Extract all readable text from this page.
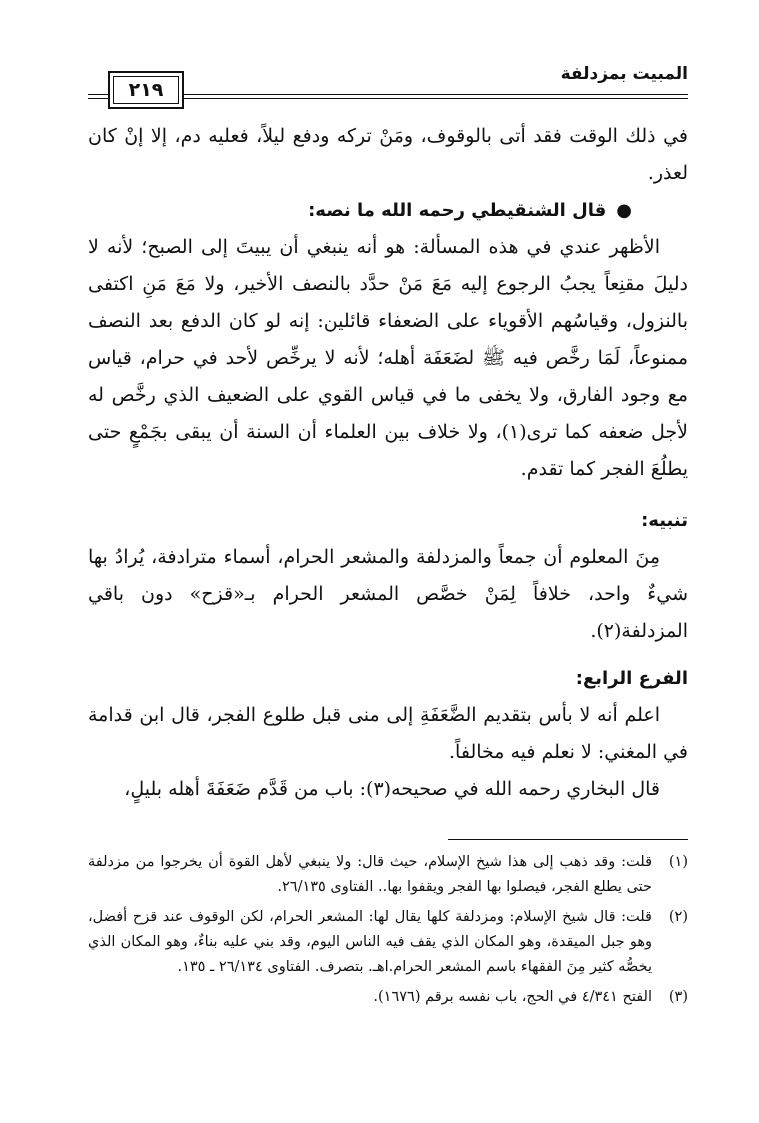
المبيت بمزدلفة
٢١٩

في ذلك الوقت فقد أتى بالوقوف، ومَنْ تركه ودفع ليلاً، فعليه دم، إلا إنْ كان لعذر.

●قال الشنقيطي رحمه الله ما نصه:

الأظهر عندي في هذه المسألة: هو أنه ينبغي أن يبيتَ إلى الصبح؛ لأنه لا دليلَ مقنِعاً يجبُ الرجوع إليه مَعَ مَنْ حدَّد بالنصف الأخير، ولا مَعَ مَنِ اكتفى بالنزول، وقياسُهم الأقوياء على الضعفاء قائلين: إنه لو كان الدفع بعد النصف ممنوعاً، لَمَا رخَّص فيه ﷺ لضَعَفَة أهله؛ لأنه لا يرخِّص لأحد في حرام، قياس مع وجود الفارق، ولا يخفى ما في قياس القوي على الضعيف الذي رخَّص له لأجل ضعفه كما ترى(١)، ولا خلاف بين العلماء أن السنة أن يبقى بجَمْعٍ حتى يطلُعَ الفجر كما تقدم.

تنبيه:

مِنَ المعلوم أن جمعاً والمزدلفة والمشعر الحرام، أسماء مترادفة، يُرادُ بها شيءٌ واحد، خلافاً لِمَنْ خصَّص المشعر الحرام بـ«قزح» دون باقي المزدلفة(٢).

الفرع الرابع:

اعلم أنه لا بأس بتقديم الضَّعَفَةِ إلى منى قبل طلوع الفجر، قال ابن قدامة في المغني: لا نعلم فيه مخالفاً.

قال البخاري رحمه الله في صحيحه(٣): باب من قَدَّم ضَعَفَةَ أهله بليلٍ،

(١)
قلت: وقد ذهب إلى هذا شيخ الإسلام، حيث قال: ولا ينبغي لأهل القوة أن يخرجوا من مزدلفة حتى يطلع الفجر، فيصلوا بها الفجر ويقفوا بها.. الفتاوى ٢٦/١٣٥.
(٢)
قلت: قال شيخ الإسلام: ومزدلفة كلها يقال لها: المشعر الحرام، لكن الوقوف عند قزح أفضل، وهو جبل الميقدة، وهو المكان الذي يقف فيه الناس اليوم، وقد بني عليه بناءٌ، وهو المكان الذي يخصُّه كثير مِنَ الفقهاء باسم المشعر الحرام.اهـ. بتصرف. الفتاوى ٢٦/١٣٤ ـ ١٣٥.
(٣)
الفتح ٤/٣٤١ في الحج، باب نفسه برقم (١٦٧٦).
